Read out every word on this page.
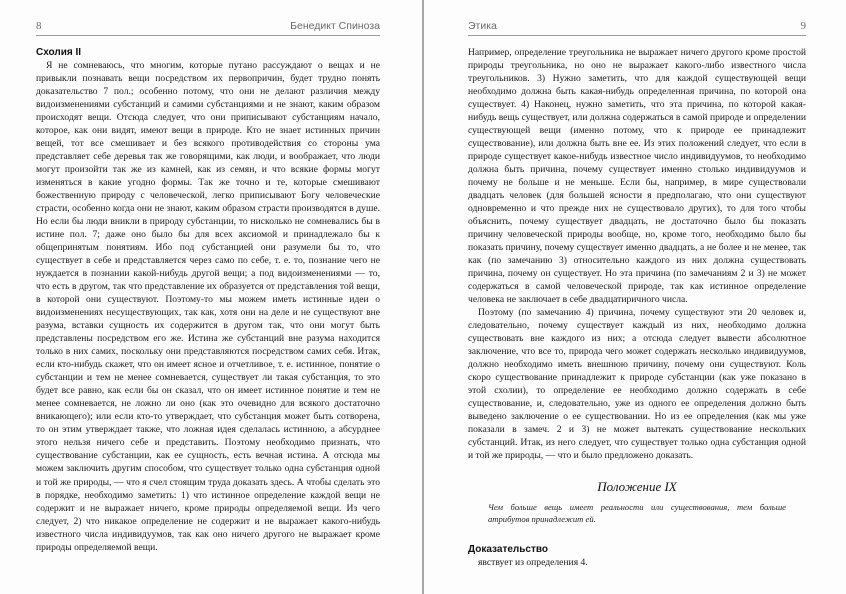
8	Бенедикт Спиноза
Схолия II

Я не сомневаюсь, что многим, которые путано рассуждают о вещах и не привыкли познавать вещи посредством их первопричин, будет трудно понять доказательство 7 пол.; особенно потому, что они не делают различия между видоизменениями субстанций и самими субстанциями и не знают, каким образом происходят вещи. Отсюда следует, что они приписывают субстанциям начало, которое, как они видят, имеют вещи в природе. Кто не знает истинных причин вещей, тот все смешивает и без всякого противодействия со стороны ума представляет себе деревья так же говорящими, как люди, и воображает, что люди могут произойти так же из камней, как из семян, и что всякие формы могут изменяться в какие угодно формы. Так же точно и те, которые смешивают божественную природу с человеческой, легко приписывают Богу человеческие страсти, особенно когда они не знают, каким образом страсти производятся в душе. Но если бы люди вникли в природу субстанции, то нисколько не сомневались бы в истине пол. 7; даже оно было бы для всех аксиомой и принадлежало бы к общепринятым понятиям. Ибо под субстанцией они разумели бы то, что существует в себе и представляется через само по себе, т. е. то, познание чего не нуждается в познании какой-нибудь другой вещи; а под видоизменениями — то, что есть в другом, так что представление их образуется от представления той вещи, в которой они существуют. Поэтому-то мы можем иметь истинные идеи о видоизменениях несуществующих, так как, хотя они на деле и не существуют вне разума, вставки сущность их содержится в другом так, что они могут быть представлены посредством его же. Истина же субстанций вне разума находится только в них самих, поскольку они представляются посредством самих себя. Итак, если кто-нибудь скажет, что он имеет ясное и отчетливое, т. е. истинное, понятие о субстанции и тем не менее сомневается, существует ли такая субстанция, то это будет все равно, как если бы он сказал, что он имеет истинное понятие и тем не менее сомневается, не ложно ли оно (как это очевидно для всякого достаточно вникающего); или если кто-то утверждает, что субстанция может быть сотворена, то он этим утверждает также, что ложная идея сделалась истинною, а абсурднее этого нельзя ничего себе и представить. Поэтому необходимо признать, что существование субстанции, как ее сущность, есть вечная истина. А отсюда мы можем заключить другим способом, что существует только одна субстанция одной и той же природы, — что я счел стоящим труда доказать здесь. А чтобы сделать это в порядке, необходимо заметить: 1) что истинное определение каждой вещи не содержит и не выражает ничего, кроме природы определяемой вещи. Из чего следует, 2) что никакое определение не содержит и не выражает какого-нибудь известного числа индивидуумов, так как оно ничего другого не выражает кроме природы определяемой вещи.

Этика	9

Например, определение треугольника не выражает ничего другого кроме простой природы треугольника, но оно не выражает какого-либо известного числа треугольников. 3) Нужно заметить, что для каждой существующей вещи необходимо должна быть какая-нибудь определенная причина, по которой она существует. 4) Наконец, нужно заметить, что эта причина, по которой какая-нибудь вещь существует, или должна содержаться в самой природе и определении существующей вещи (именно потому, что к природе ее принадлежит существование), или должна быть вне ее. Из этих положений следует, что если в природе существует какое-нибудь известное число индивидуумов, то необходимо должна быть причина, почему существует именно столько индивидуумов и почему не больше и не меньше. Если бы, например, в мире существовали двадцать человек (для большей ясности я предполагаю, что они существуют одновременно и что прежде них не существовало других), то для того чтобы объяснить, почему существует двадцать, не достаточно было бы показать причину человеческой природы вообще, но, кроме того, необходимо было бы показать причину, почему существует именно двадцать, а не более и не менее, так как (по замечанию 3) относительно каждого из них должна существовать причина, почему он существует. Но эта причина (по замечаниям 2 и 3) не может содержаться в самой человеческой природе, так как истинное определение человека не заключает в себе двадцатиричного числа.

Поэтому (по замечанию 4) причина, почему существуют эти 20 человек и, следовательно, почему существует каждый из них, необходимо должна существовать вне каждого из них; а отсюда следует вывести абсолютное заключение, что все то, природа чего может содержать несколько индивидуумов, должно необходимо иметь внешнюю причину, почему они существуют. Коль скоро существование принадлежит к природе субстанции (как уже показано в этой схолии), то определение ее необходимо должно содержать в себе существование, и, следовательно, уже из одного ее определения должно быть выведено заключение о ее существовании. Но из ее определения (как мы уже показали в замеч. 2 и 3) не может вытекать существование нескольких субстанций. Итак, из него следует, что существует только одна субстанция одной и той же природы, — что и было предложено доказать.

Положение IX
Чем больше вещь имеет реальности или существования, тем больше атрибутов принадлежит ей.
Доказательство

явствует из определения 4.
